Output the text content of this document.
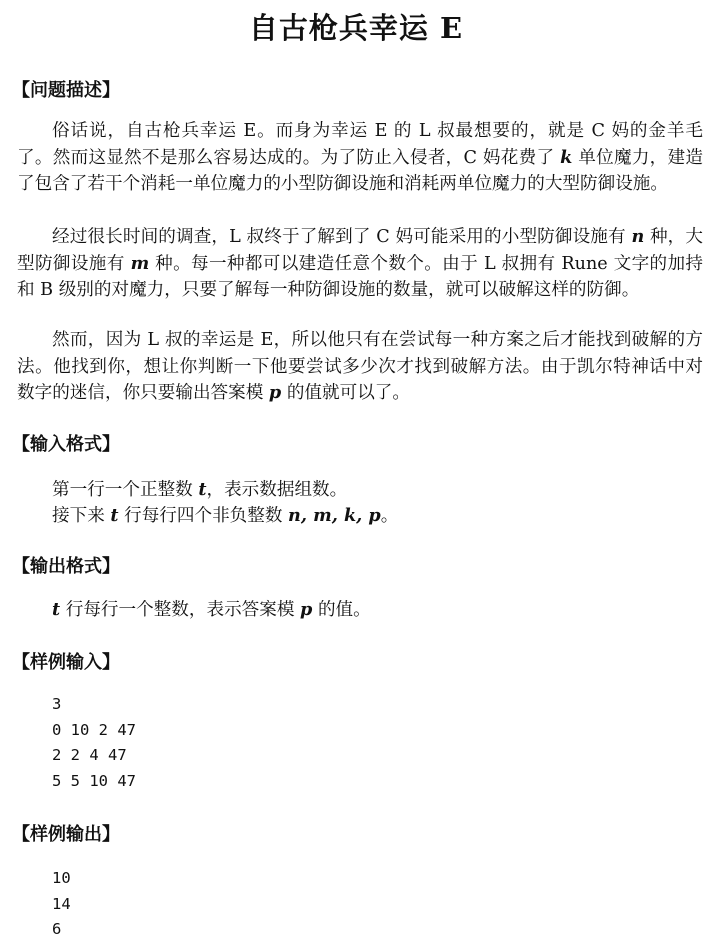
自古枪兵幸运 E
【问题描述】
俗话说，自古枪兵幸运 E。而身为幸运 E 的 L 叔最想要的，就是 C 妈的金羊毛了。然而这显然不是那么容易达成的。为了防止入侵者，C 妈花费了 k 单位魔力，建造了包含了若干个消耗一单位魔力的小型防御设施和消耗两单位魔力的大型防御设施。
经过很长时间的调查，L 叔终于了解到了 C 妈可能采用的小型防御设施有 n 种，大型防御设施有 m 种。每一种都可以建造任意个数个。由于 L 叔拥有 Rune 文字的加持和 B 级别的对魔力，只要了解每一种防御设施的数量，就可以破解这样的防御。
然而，因为 L 叔的幸运是 E，所以他只有在尝试每一种方案之后才能找到破解的方法。他找到你，想让你判断一下他要尝试多少次才找到破解方法。由于凯尔特神话中对数字的迷信，你只要输出答案模 p 的值就可以了。
【输入格式】
第一行一个正整数 t，表示数据组数。
接下来 t 行每行四个非负整数 n, m, k, p。
【输出格式】
t 行每行一个整数，表示答案模 p 的值。
【样例输入】
3
0 10 2 47
2 2 4 47
5 5 10 47
【样例输出】
10
14
6
